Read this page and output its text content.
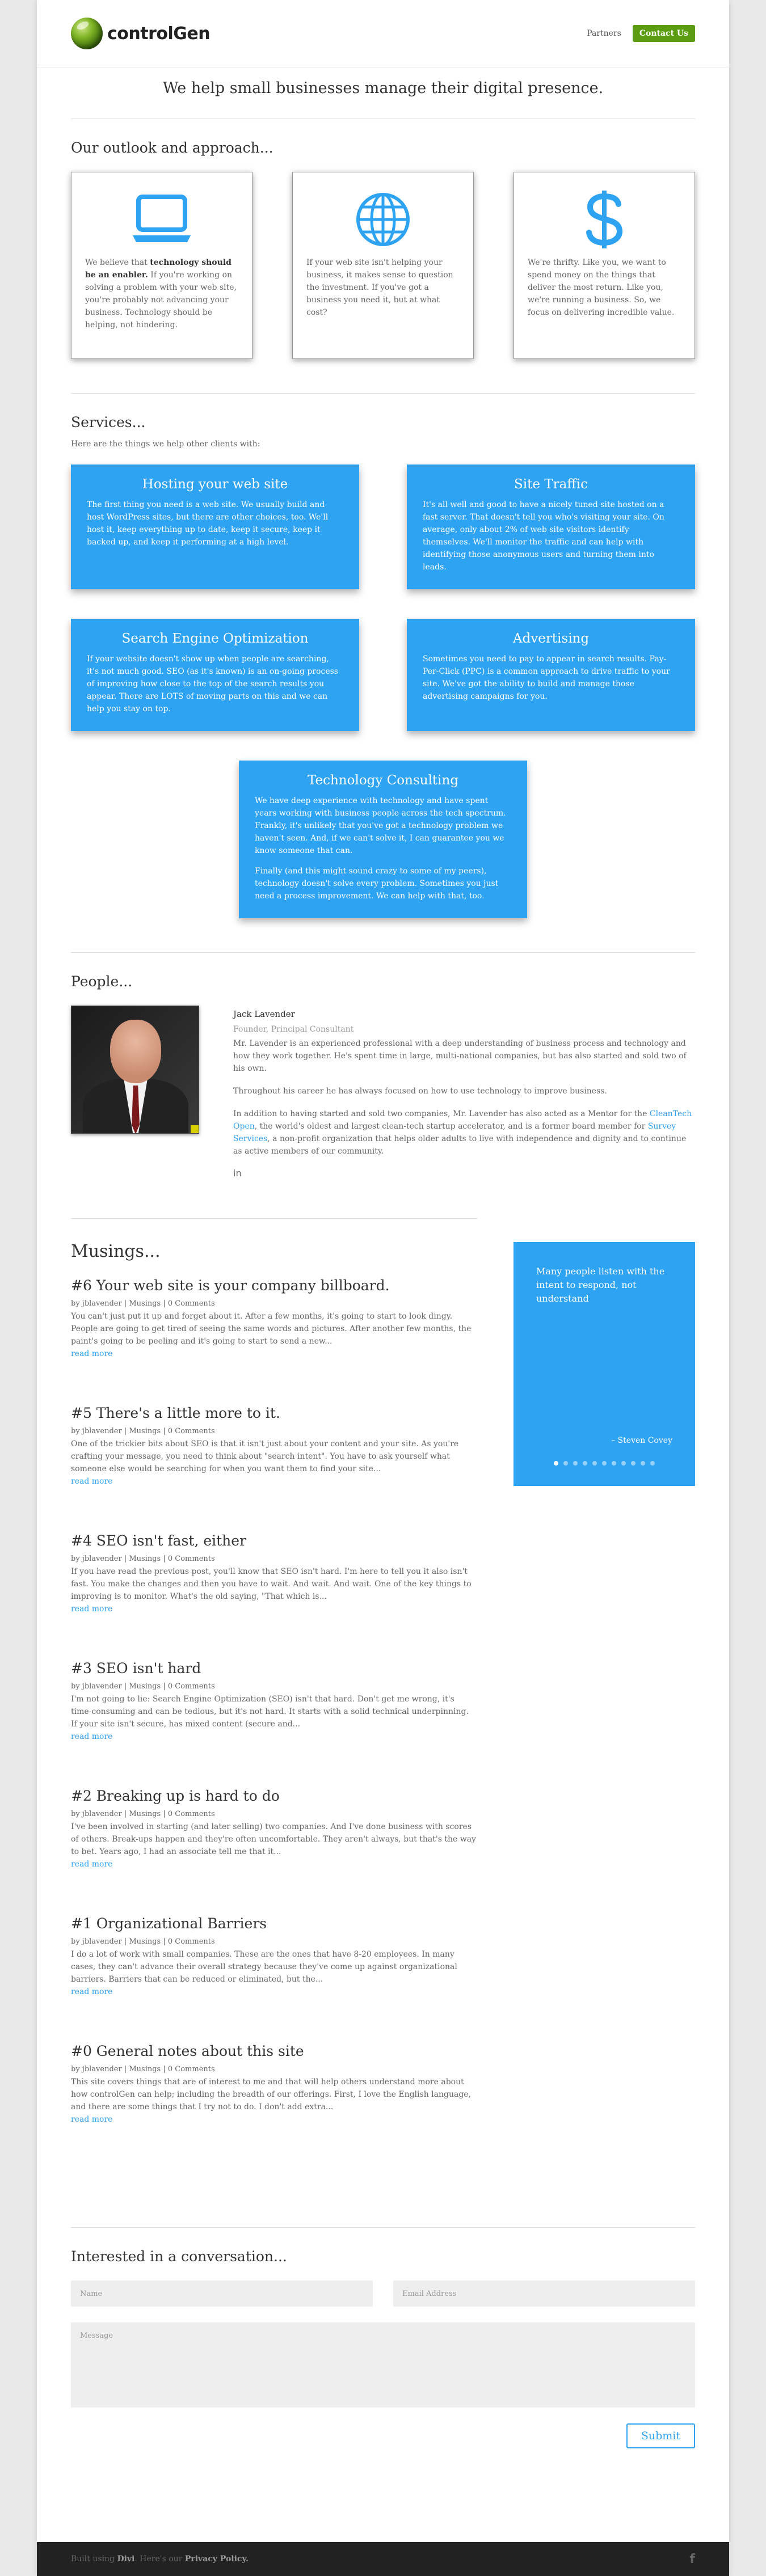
controlGen	Partners	Contact Us
We help small businesses manage their digital presence.
Our outlook and approach...

We believe that technology should be an enabler. If you're working on solving a problem with your web site, you're probably not advancing your business. Technology should be helping, not hindering.

If your web site isn't helping your business, it makes sense to question the investment. If you've got a business you need it, but at what cost?

We're thrifty. Like you, we want to spend money on the things that deliver the most return. Like you, we're running a business. So, we focus on delivering incredible value.

Services...

Here are the things we help other clients with:

Hosting your web site

The first thing you need is a web site. We usually build and host WordPress sites, but there are other choices, too. We'll host it, keep everything up to date, keep it secure, keep it backed up, and keep it performing at a high level.

Site Traffic

It's all well and good to have a nicely tuned site hosted on a fast server. That doesn't tell you who's visiting your site. On average, only about 2% of web site visitors identify themselves. We'll monitor the traffic and can help with identifying those anonymous users and turning them into leads.

Search Engine Optimization

If your website doesn't show up when people are searching, it's not much good. SEO (as it's known) is an on-going process of improving how close to the top of the search results you appear. There are LOTS of moving parts on this and we can help you stay on top.

Advertising

Sometimes you need to pay to appear in search results. Pay-Per-Click (PPC) is a common approach to drive traffic to your site. We've got the ability to build and manage those advertising campaigns for you.

Technology Consulting

We have deep experience with technology and have spent years working with business people across the tech spectrum. Frankly, it's unlikely that you've got a technology problem we haven't seen. And, if we can't solve it, I can guarantee you we know someone that can.

Finally (and this might sound crazy to some of my peers), technology doesn't solve every problem. Sometimes you just need a process improvement. We can help with that, too.

People...
Jack Lavender
Founder, Principal Consultant

Mr. Lavender is an experienced professional with a deep understanding of business process and technology and how they work together. He's spent time in large, multi-national companies, but has also started and sold two of his own.

Throughout his career he has always focused on how to use technology to improve business.

In addition to having started and sold two companies, Mr. Lavender has also acted as a Mentor for the CleanTech Open, the world's oldest and largest clean-tech startup accelerator, and is a former board member for Survey Services, a non-profit organization that helps older adults to live with independence and dignity and to continue as active members of our community.

in
Musings...
#6 Your web site is your company billboard.
by jblavender | Musings | 0 Comments

You can't just put it up and forget about it. After a few months, it's going to start to look dingy. People are going to get tired of seeing the same words and pictures. After another few months, the paint's going to be peeling and it's going to start to send a new...

read more
#5 There's a little more to it.
by jblavender | Musings | 0 Comments

One of the trickier bits about SEO is that it isn't just about your content and your site. As you're crafting your message, you need to think about "search intent". You have to ask yourself what someone else would be searching for when you want them to find your site...

read more
#4 SEO isn't fast, either
by jblavender | Musings | 0 Comments

If you have read the previous post, you'll know that SEO isn't hard. I'm here to tell you it also isn't fast. You make the changes and then you have to wait. And wait. And wait. One of the key things to improving is to monitor. What's the old saying, "That which is...

read more
#3 SEO isn't hard
by jblavender | Musings | 0 Comments

I'm not going to lie: Search Engine Optimization (SEO) isn't that hard. Don't get me wrong, it's time-consuming and can be tedious, but it's not hard. It starts with a solid technical underpinning. If your site isn't secure, has mixed content (secure and...

read more
#2 Breaking up is hard to do
by jblavender | Musings | 0 Comments

I've been involved in starting (and later selling) two companies. And I've done business with scores of others. Break-ups happen and they're often uncomfortable. They aren't always, but that's the way to bet. Years ago, I had an associate tell me that it...

read more
#1 Organizational Barriers
by jblavender | Musings | 0 Comments

I do a lot of work with small companies. These are the ones that have 8-20 employees. In many cases, they can't advance their overall strategy because they've come up against organizational barriers. Barriers that can be reduced or eliminated, but the...

read more
#0 General notes about this site
by jblavender | Musings | 0 Comments

This site covers things that are of interest to me and that will help others understand more about how controlGen can help; including the breadth of our offerings. First, I love the English language, and there are some things that I try not to do. I don't add extra...

read more

Many people listen with the intent to respond, not understand

– Steven Covey
Interested in a conversation...
Name	Email Address
Message
Submit
Built using Divi. Here's our Privacy Policy.	f
